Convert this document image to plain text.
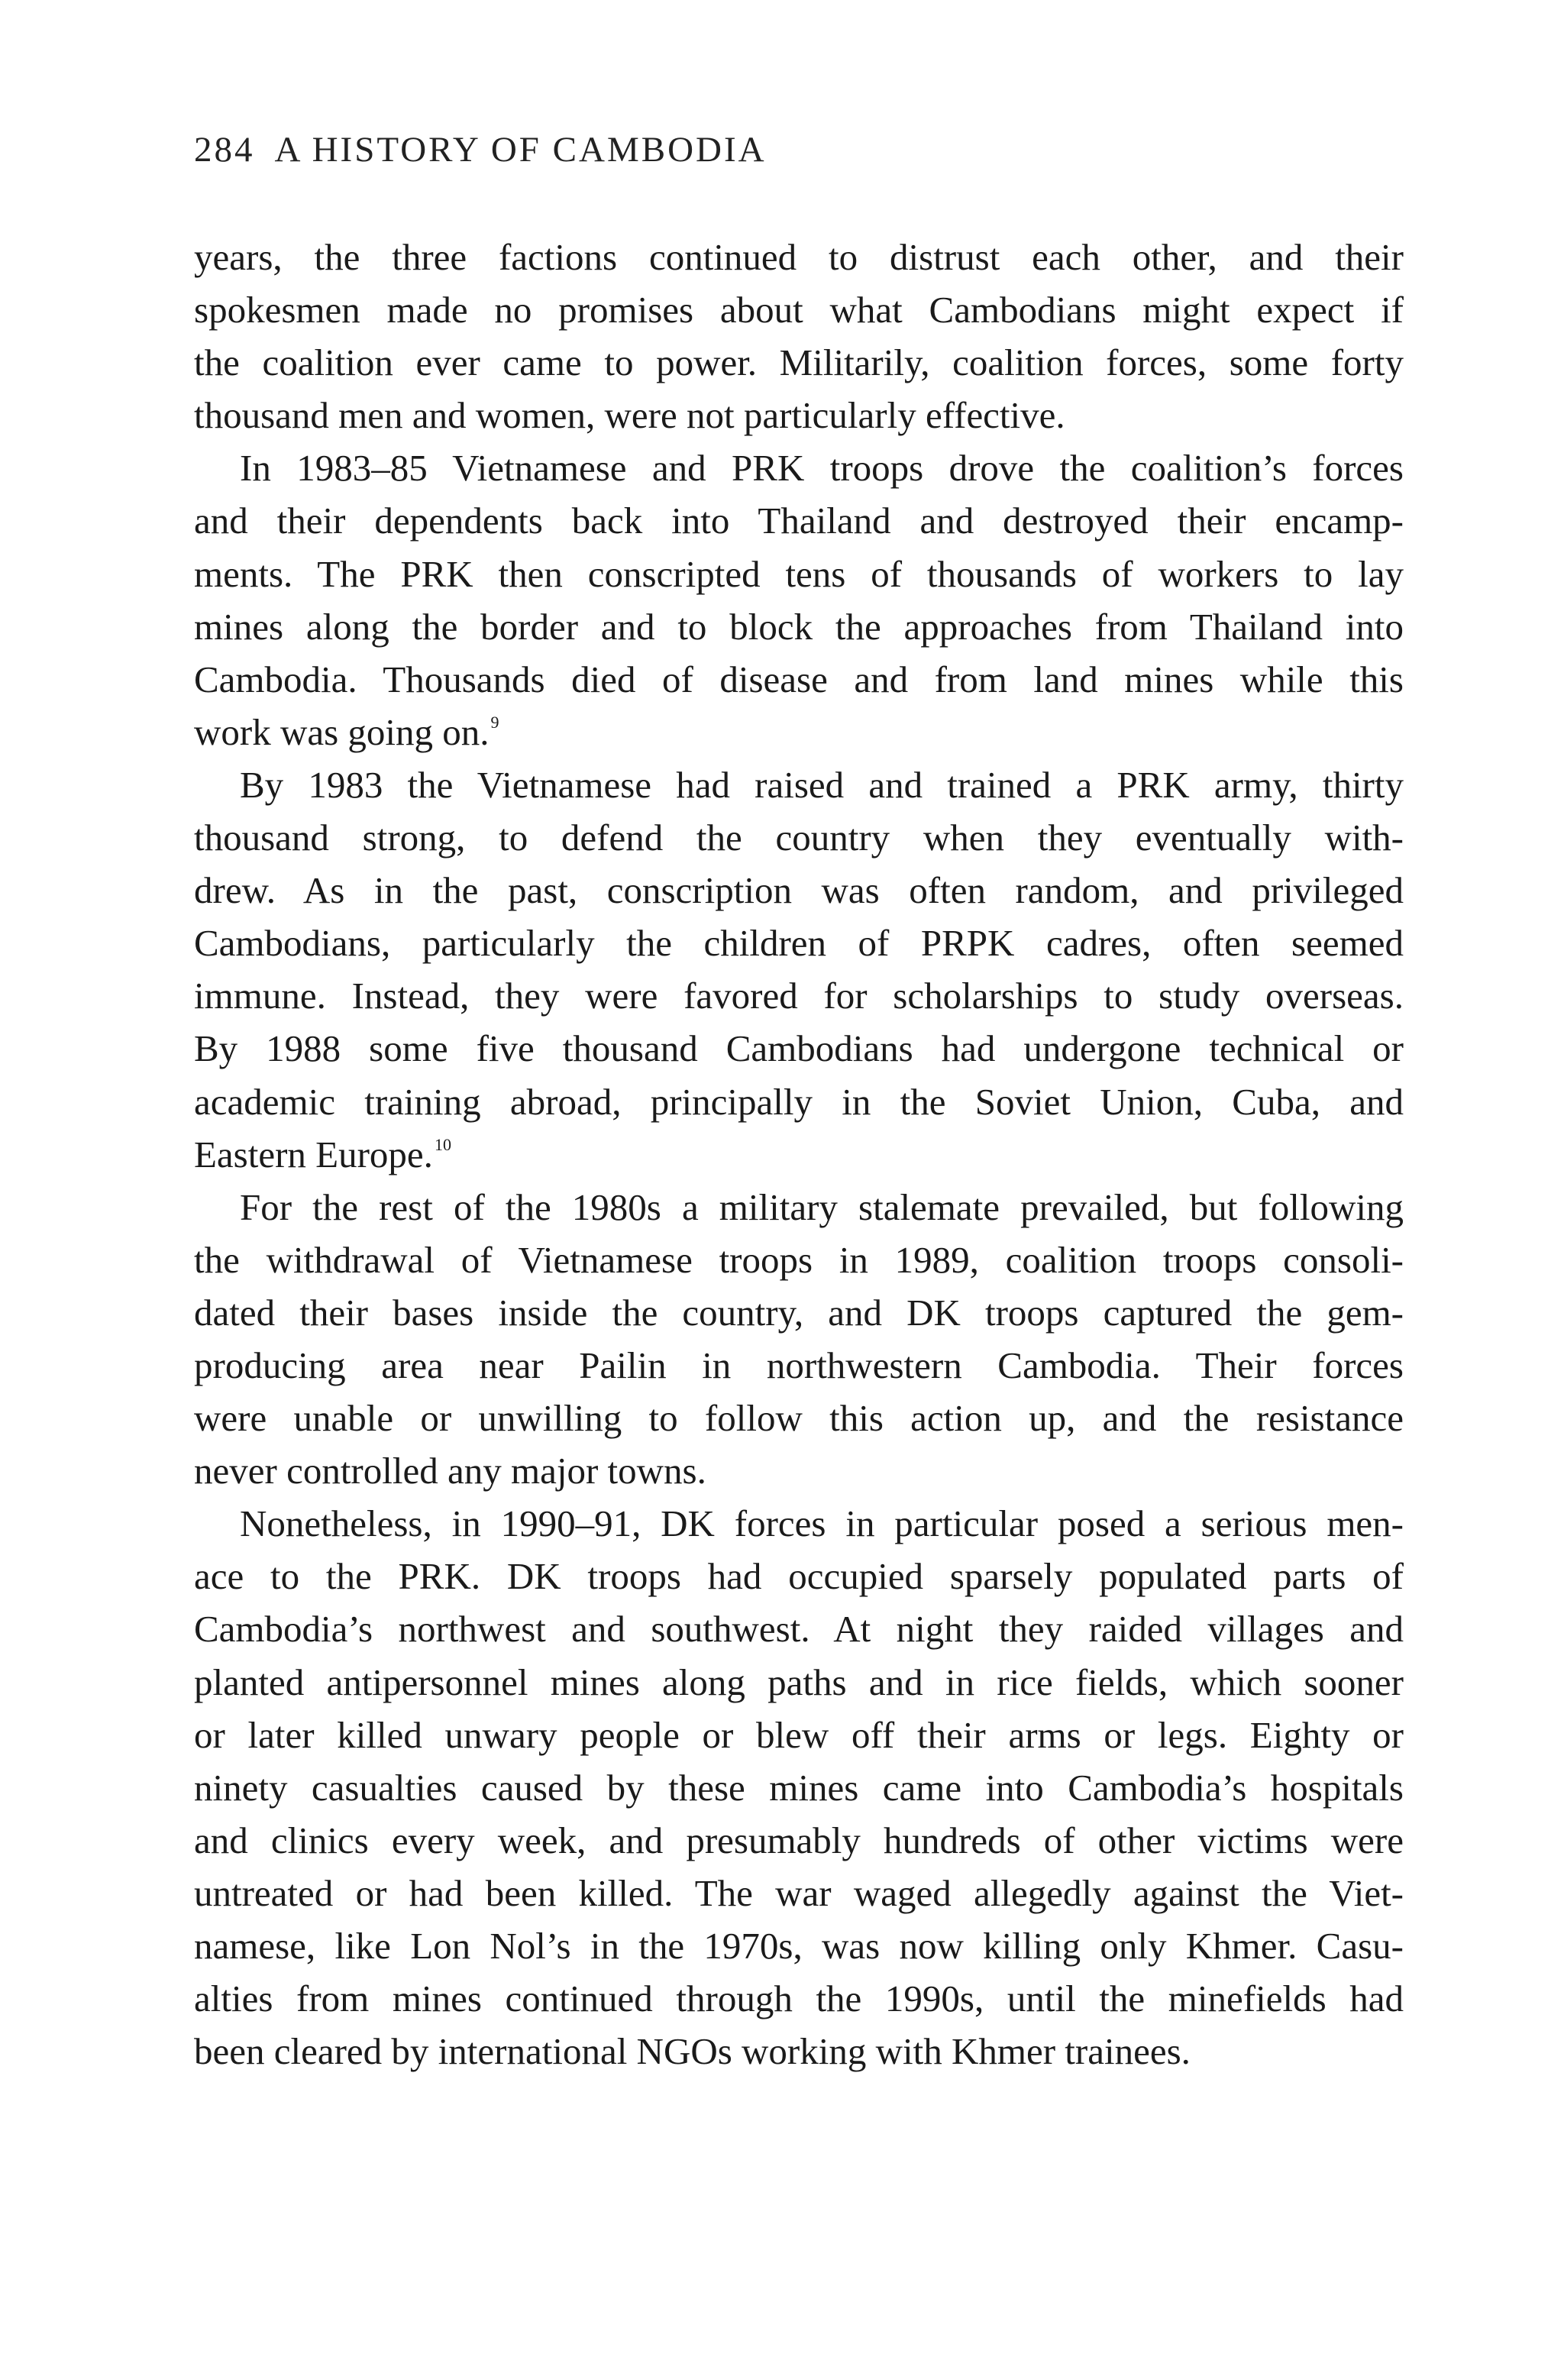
284 A HISTORY OF CAMBODIA
years, the three factions continued to distrust each other, and their
spokesmen made no promises about what Cambodians might expect if
the coalition ever came to power. Militarily, coalition forces, some forty
thousand men and women, were not particularly effective.
In 1983–85 Vietnamese and PRK troops drove the coalition’s forces
and their dependents back into Thailand and destroyed their encamp-
ments. The PRK then conscripted tens of thousands of workers to lay
mines along the border and to block the approaches from Thailand into
Cambodia. Thousands died of disease and from land mines while this
work was going on.$^9$
By 1983 the Vietnamese had raised and trained a PRK army, thirty
thousand strong, to defend the country when they eventually with-
drew. As in the past, conscription was often random, and privileged
Cambodians, particularly the children of PRPK cadres, often seemed
immune. Instead, they were favored for scholarships to study overseas.
By 1988 some five thousand Cambodians had undergone technical or
academic training abroad, principally in the Soviet Union, Cuba, and
Eastern Europe.$^{10}$
For the rest of the 1980s a military stalemate prevailed, but following
the withdrawal of Vietnamese troops in 1989, coalition troops consoli-
dated their bases inside the country, and DK troops captured the gem-
producing area near Pailin in northwestern Cambodia. Their forces
were unable or unwilling to follow this action up, and the resistance
never controlled any major towns.
Nonetheless, in 1990–91, DK forces in particular posed a serious men-
ace to the PRK. DK troops had occupied sparsely populated parts of
Cambodia’s northwest and southwest. At night they raided villages and
planted antipersonnel mines along paths and in rice fields, which sooner
or later killed unwary people or blew off their arms or legs. Eighty or
ninety casualties caused by these mines came into Cambodia’s hospitals
and clinics every week, and presumably hundreds of other victims were
untreated or had been killed. The war waged allegedly against the Viet-
namese, like Lon Nol’s in the 1970s, was now killing only Khmer. Casu-
alties from mines continued through the 1990s, until the minefields had
been cleared by international NGOs working with Khmer trainees.
